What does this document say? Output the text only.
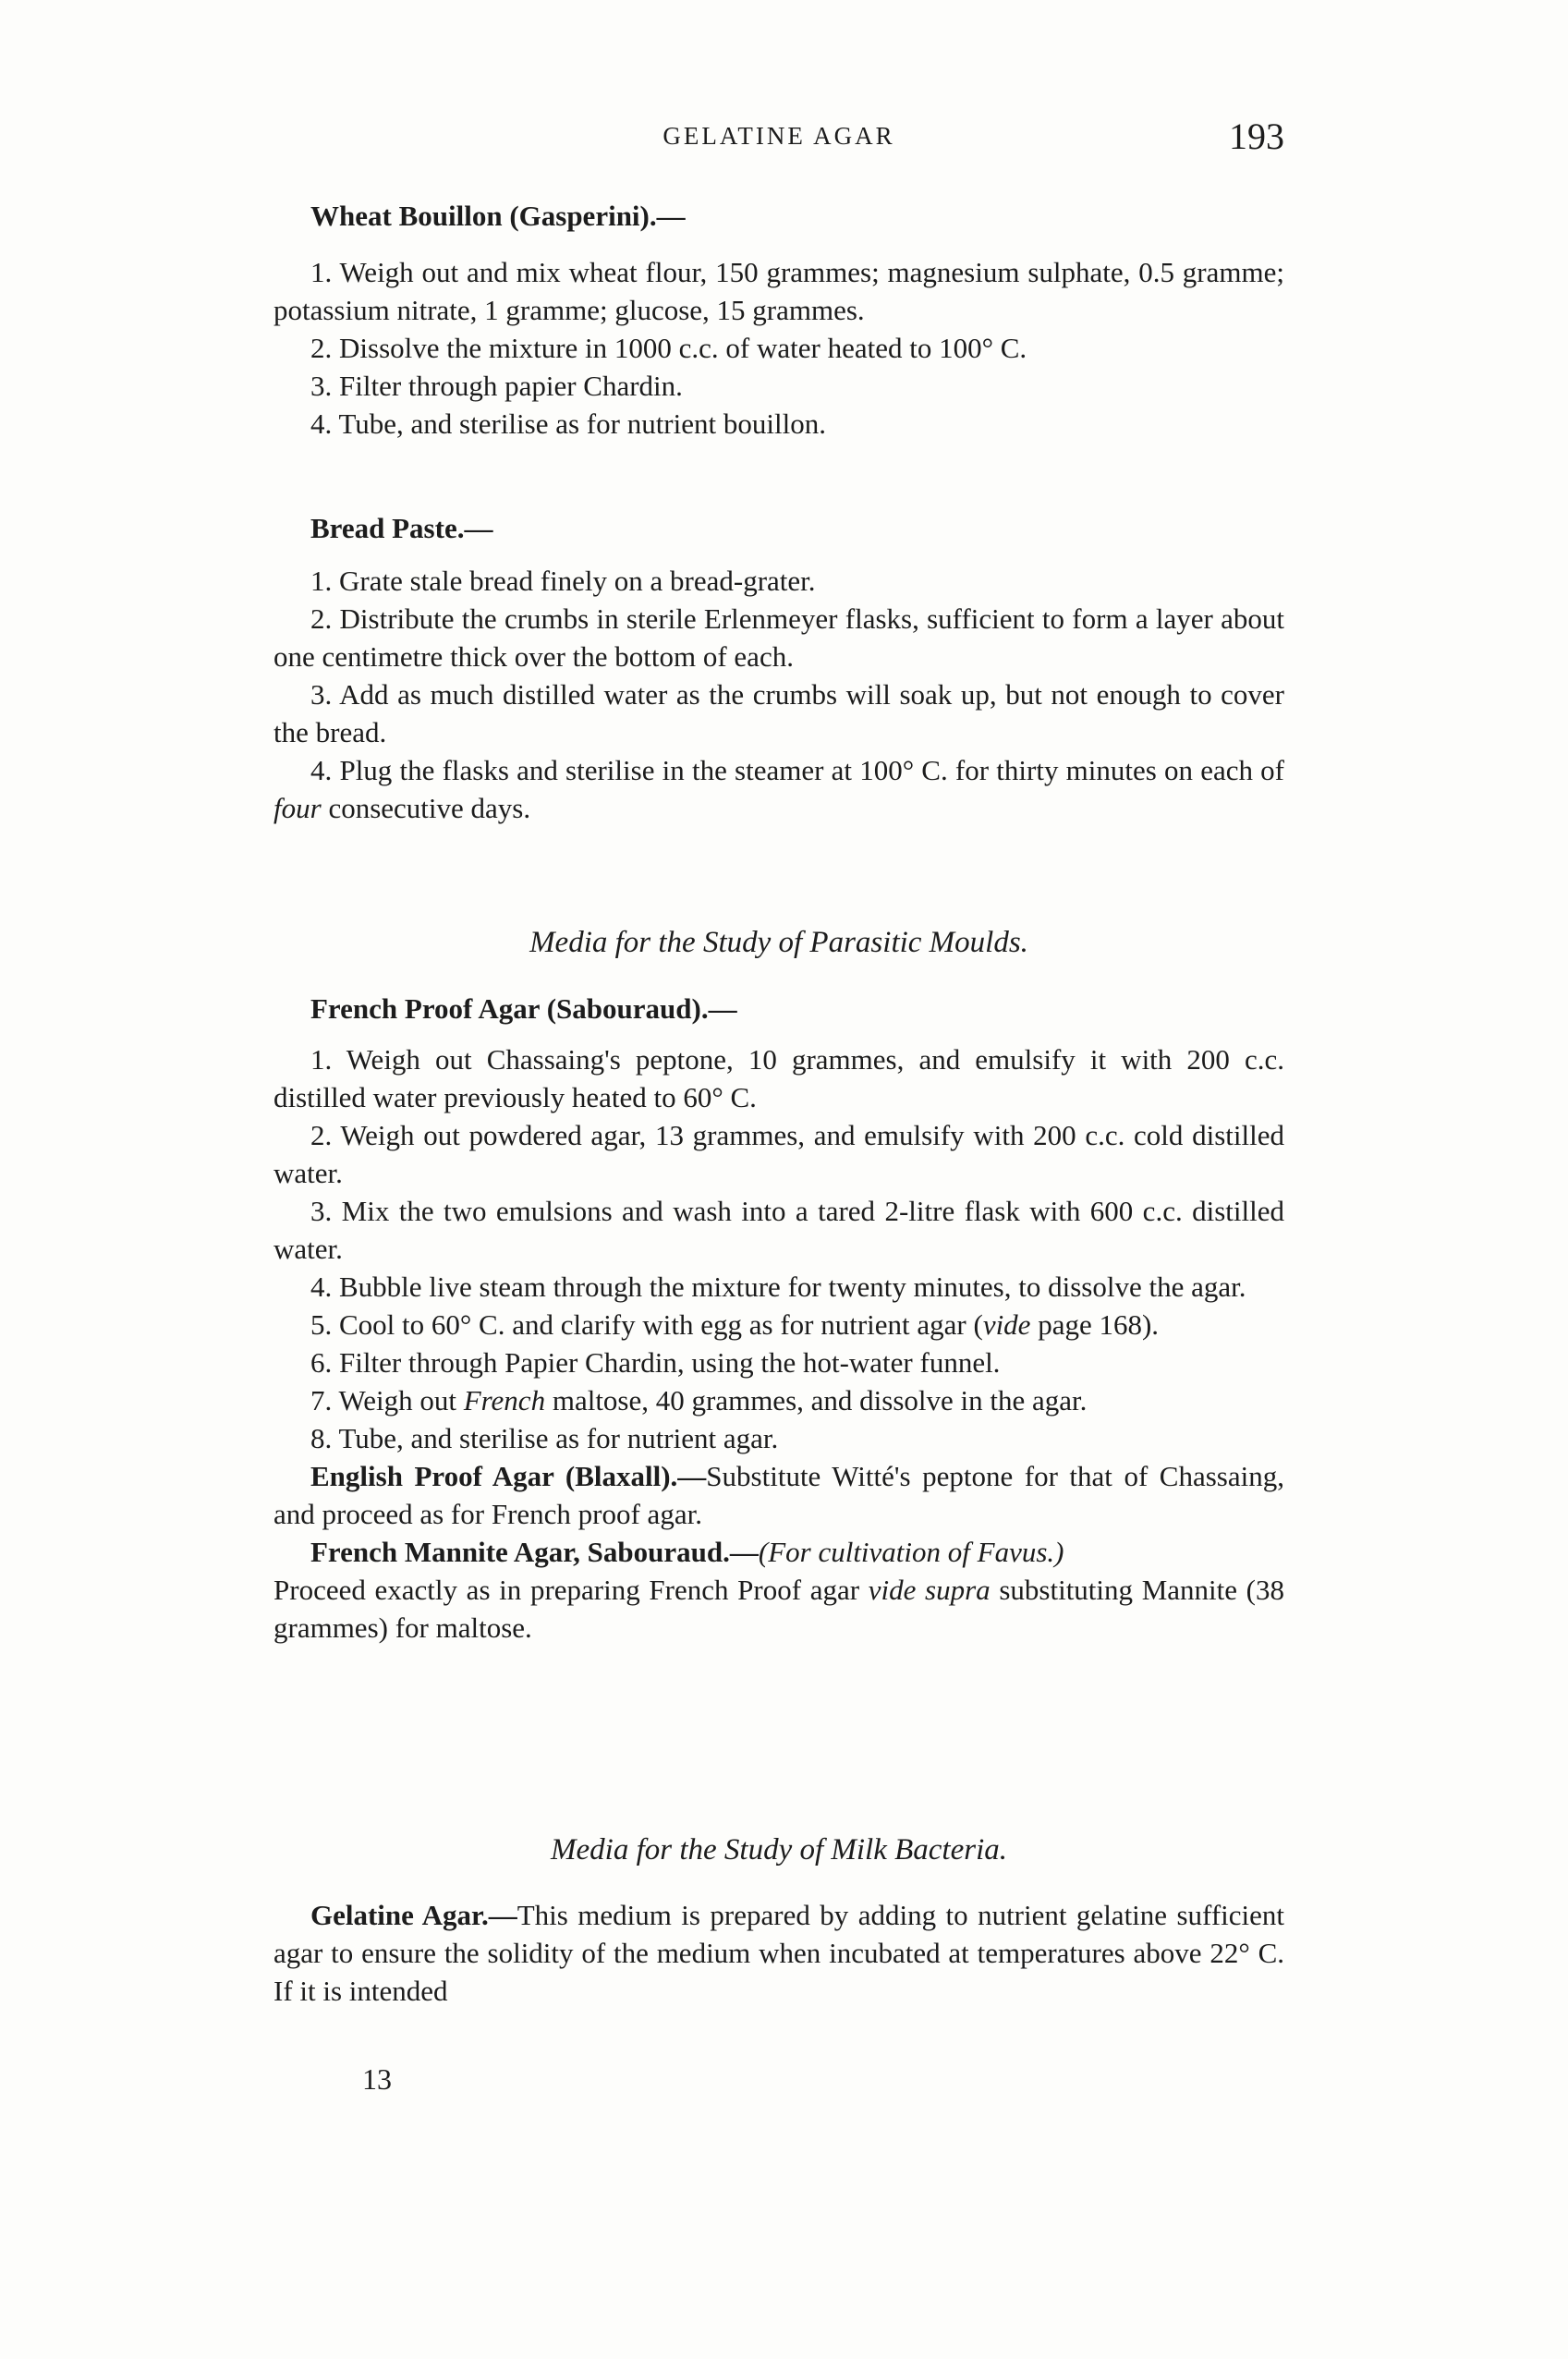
GELATINE AGAR	193

Wheat Bouillon (Gasperini).—

1. Weigh out and mix wheat flour, 150 grammes; magnesium sulphate, 0.5 gramme; potassium nitrate, 1 gramme; glucose, 15 grammes.

2. Dissolve the mixture in 1000 c.c. of water heated to 100° C.

3. Filter through papier Chardin.

4. Tube, and sterilise as for nutrient bouillon.

Bread Paste.—

1. Grate stale bread finely on a bread-grater.

2. Distribute the crumbs in sterile Erlenmeyer flasks, sufficient to form a layer about one centimetre thick over the bottom of each.

3. Add as much distilled water as the crumbs will soak up, but not enough to cover the bread.

4. Plug the flasks and sterilise in the steamer at 100° C. for thirty minutes on each of four consecutive days.

Media for the Study of Parasitic Moulds.

French Proof Agar (Sabouraud).—

1. Weigh out Chassaing's peptone, 10 grammes, and emulsify it with 200 c.c. distilled water previously heated to 60° C.

2. Weigh out powdered agar, 13 grammes, and emulsify with 200 c.c. cold distilled water.

3. Mix the two emulsions and wash into a tared 2-litre flask with 600 c.c. distilled water.

4. Bubble live steam through the mixture for twenty minutes, to dissolve the agar.

5. Cool to 60° C. and clarify with egg as for nutrient agar (vide page 168).

6. Filter through Papier Chardin, using the hot-water funnel.

7. Weigh out French maltose, 40 grammes, and dissolve in the agar.

8. Tube, and sterilise as for nutrient agar.

English Proof Agar (Blaxall).—Substitute Witté's peptone for that of Chassaing, and proceed as for French proof agar.

French Mannite Agar, Sabouraud.—(For cultivation of Favus.)

Proceed exactly as in preparing French Proof agar vide supra substituting Mannite (38 grammes) for maltose.

Media for the Study of Milk Bacteria.

Gelatine Agar.—This medium is prepared by adding to nutrient gelatine sufficient agar to ensure the solidity of the medium when incubated at temperatures above 22° C. If it is intended

13
